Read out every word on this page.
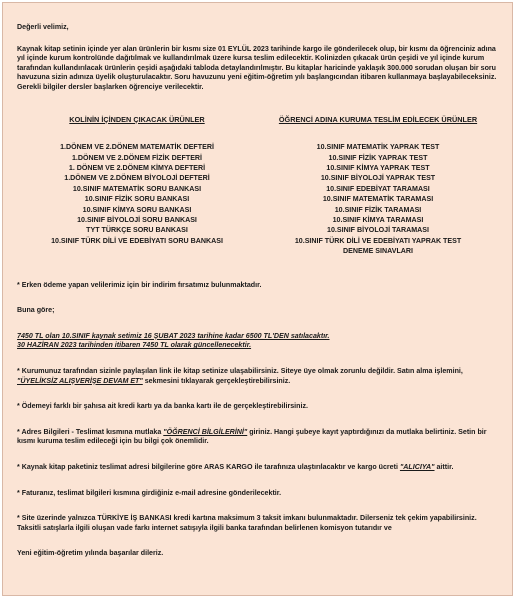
Değerli velimiz,

Kaynak kitap setinin içinde yer alan ürünlerin bir kısmı size 01 EYLÜL 2023 tarihinde kargo ile gönderilecek olup, bir kısmı da öğrenciniz adına yıl içinde kurum kontrolünde dağıtılmak ve kullandırılmak üzere kursa teslim edilecektir. Kolinizden çıkacak ürün çeşidi ve yıl içinde kurum tarafından kullandırılacak ürünlerin çeşidi aşağıdaki tabloda detaylandırılmıştır. Bu kitaplar haricinde yaklaşık 300.000 sorudan oluşan bir soru havuzuna sizin adınıza üyelik oluşturulacaktır. Soru havuzunu yeni eğitim-öğretim yılı başlangıcından itibaren kullanmaya başlayabileceksiniz. Gerekli bilgiler dersler başlarken öğrenciye verilecektir.

KOLİNİN İÇİNDEN ÇIKACAK ÜRÜNLER
1.DÖNEM VE 2.DÖNEM MATEMATİK DEFTERİ
1.DÖNEM VE 2.DÖNEM FİZİK DEFTERİ
1. DÖNEM VE 2.DÖNEM KİMYA DEFTERİ
1.DÖNEM VE 2.DÖNEM BİYOLOJİ DEFTERİ
10.SINIF MATEMATİK SORU BANKASI
10.SINIF FİZİK SORU BANKASI
10.SINIF KİMYA SORU BANKASI
10.SINIF BİYOLOJİ SORU BANKASI
TYT TÜRKÇE SORU BANKASI
10.SINIF TÜRK DİLİ VE EDEBİYATI SORU BANKASI
ÖĞRENCİ ADINA KURUMA TESLİM EDİLECEK ÜRÜNLER
10.SINIF MATEMATİK YAPRAK TEST
10.SINIF FİZİK YAPRAK TEST
10.SINIF KİMYA YAPRAK TEST
10.SINIF BİYOLOJİ YAPRAK TEST
10.SINIF EDEBİYAT TARAMASI
10.SINIF MATEMATİK TARAMASI
10.SINIF FİZİK TARAMASI
10.SINIF KİMYA TARAMASI
10.SINIF BİYOLOJİ TARAMASI
10.SINIF TÜRK DİLİ VE EDEBİYATI YAPRAK TEST
DENEME SINAVLARI

* Erken ödeme yapan velilerimiz için bir indirim fırsatımız bulunmaktadır.

Buna göre;

7450 TL olan 10.SINIF kaynak setimiz 16 ŞUBAT 2023 tarihine kadar 6500 TL'DEN satılacaktır.

30 HAZİRAN 2023 tarihinden itibaren 7450 TL olarak güncellenecektir.

* Kurumunuz tarafından sizinle paylaşılan link ile kitap setinize ulaşabilirsiniz. Siteye üye olmak zorunlu değildir. Satın alma işlemini, "ÜYELİKSİZ ALIŞVERİŞE DEVAM ET" sekmesini tıklayarak gerçekleştirebilirsiniz.

* Ödemeyi farklı bir şahısa ait kredi kartı ya da banka kartı ile de gerçekleştirebilirsiniz.

* Adres Bilgileri - Teslimat kısmına mutlaka "ÖĞRENCİ BİLGİLERİNİ" giriniz. Hangi şubeye kayıt yaptırdığınızı da mutlaka belirtiniz. Setin bir kısmı kuruma teslim edileceği için bu bilgi çok önemlidir.

* Kaynak kitap paketiniz teslimat adresi bilgilerine göre ARAS KARGO ile tarafınıza ulaştırılacaktır ve kargo ücreti "ALICIYA" aittir.

* Faturanız, teslimat bilgileri kısmına girdiğiniz e-mail adresine gönderilecektir.

* Site üzerinde yalnızca TÜRKİYE İŞ BANKASI kredi kartına maksimum 3 taksit imkanı bulunmaktadır. Dilerseniz tek çekim yapabilirsiniz. Taksitli satışlarla ilgili oluşan vade farkı internet satışıyla ilgili banka tarafından belirlenen komisyon tutarıdır ve

Yeni eğitim-öğretim yılında başarılar dileriz.
